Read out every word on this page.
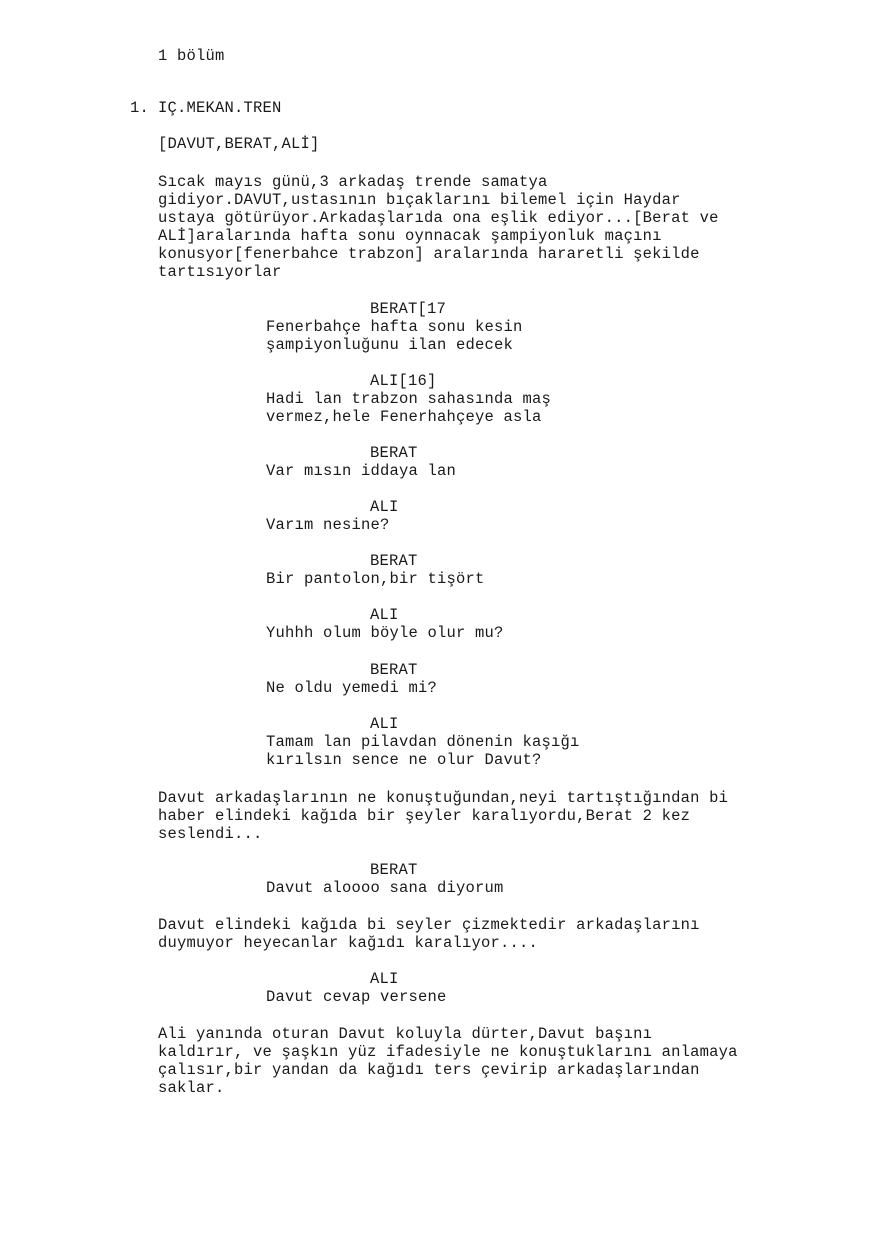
1 bölüm
1. IÇ.MEKAN.TREN
[DAVUT,BERAT,ALİ]
Sıcak mayıs günü,3 arkadaş trende samatya
gidiyor.DAVUT,ustasının bıçaklarını bilemel için Haydar
ustaya götürüyor.Arkadaşlarıda ona eşlik ediyor...[Berat ve
ALİ]aralarında hafta sonu oynnacak şampiyonluk maçını
konusyor[fenerbahce trabzon] aralarında hararetli şekilde
tartısıyorlar
BERAT[17
Fenerbahçe hafta sonu kesin
şampiyonluğunu ilan edecek
ALI[16]
Hadi lan trabzon sahasında maş
vermez,hele Fenerhahçeye asla
BERAT
Var mısın iddaya lan
ALI
Varım nesine?
BERAT
Bir pantolon,bir tişört
ALI
Yuhhh olum böyle olur mu?
BERAT
Ne oldu yemedi mi?
ALI
Tamam lan pilavdan dönenin kaşığı
kırılsın sence ne olur Davut?
Davut arkadaşlarının ne konuştuğundan,neyi tartıştığından bi
haber elindeki kağıda bir şeyler karalıyordu,Berat 2 kez
seslendi...
BERAT
Davut aloooo sana diyorum
Davut elindeki kağıda bi seyler çizmektedir arkadaşlarını
duymuyor heyecanlar kağıdı karalıyor....
ALI
Davut cevap versene
Ali yanında oturan Davut koluyla dürter,Davut başını
kaldırır, ve şaşkın yüz ifadesiyle ne konuştuklarını anlamaya
çalısır,bir yandan da kağıdı ters çevirip arkadaşlarından
saklar.
